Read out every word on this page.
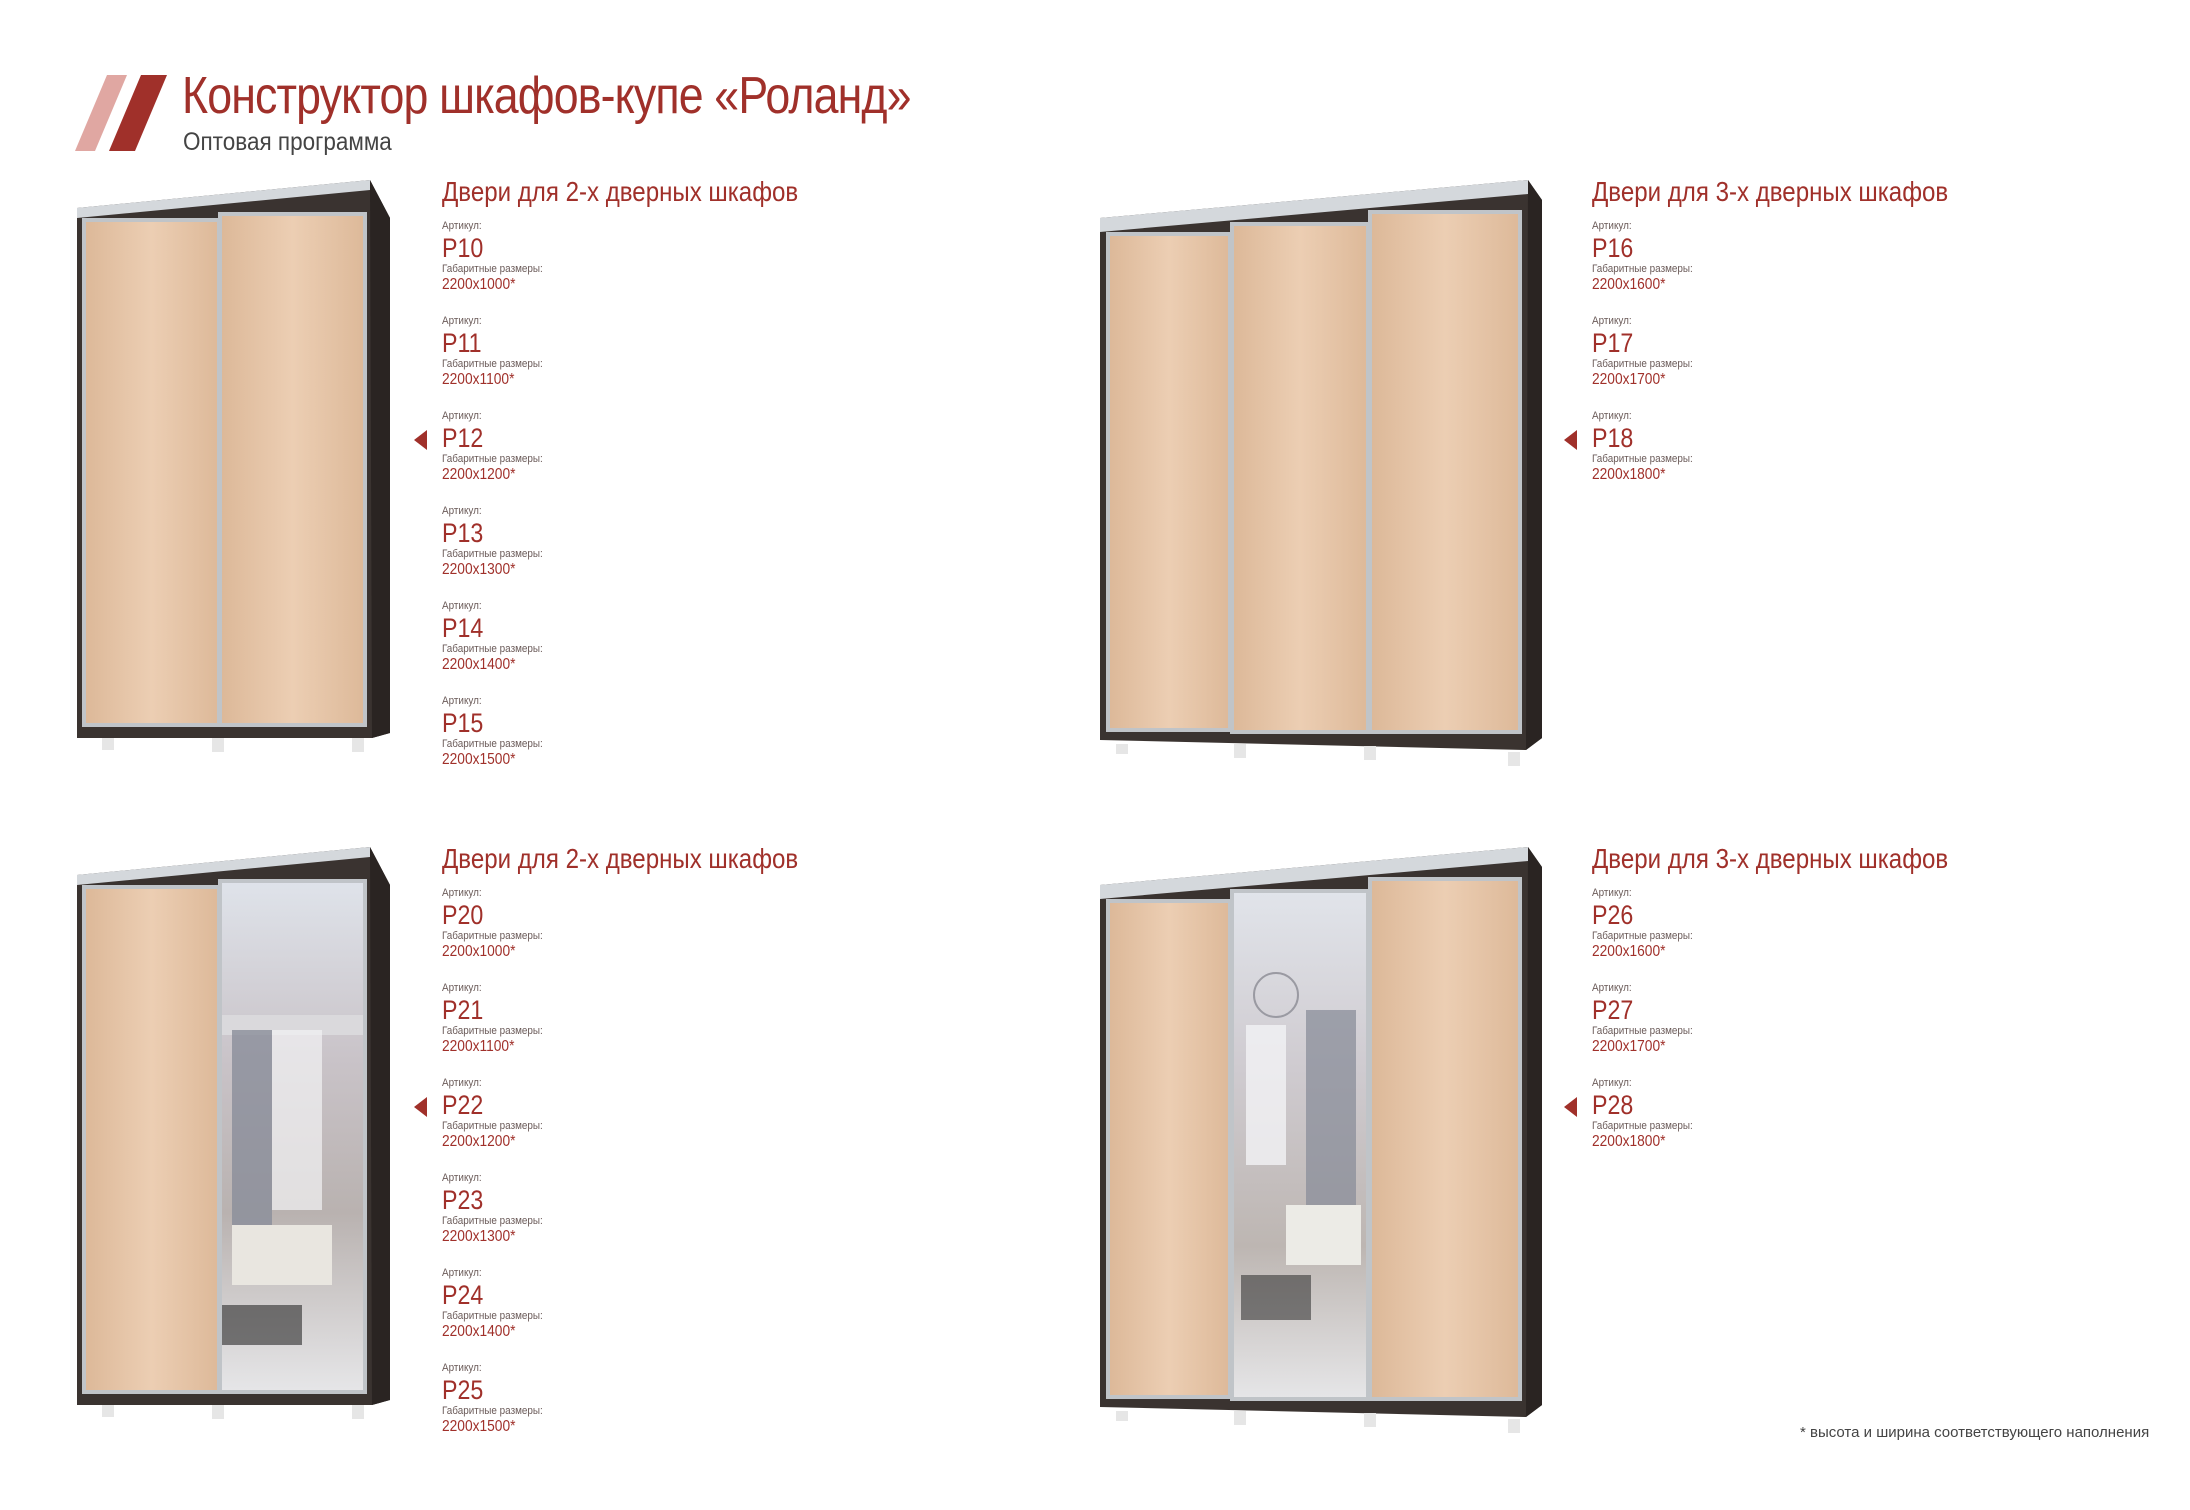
Конструктор шкафов-купе «Роланд»
Оптовая программа
Двери для 2-х дверных шкафов
Артикул:
P10
Габаритные размеры:
2200x1000*
Артикул:
P11
Габаритные размеры:
2200x1100*
Артикул:
P12
Габаритные размеры:
2200x1200*
Артикул:
P13
Габаритные размеры:
2200x1300*
Артикул:
P14
Габаритные размеры:
2200x1400*
Артикул:
P15
Габаритные размеры:
2200x1500*
Двери для 3-х дверных шкафов
Артикул:
P16
Габаритные размеры:
2200x1600*
Артикул:
P17
Габаритные размеры:
2200x1700*
Артикул:
P18
Габаритные размеры:
2200x1800*
Двери для 2-х дверных шкафов
Артикул:
P20
Габаритные размеры:
2200x1000*
Артикул:
P21
Габаритные размеры:
2200x1100*
Артикул:
P22
Габаритные размеры:
2200x1200*
Артикул:
P23
Габаритные размеры:
2200x1300*
Артикул:
P24
Габаритные размеры:
2200x1400*
Артикул:
P25
Габаритные размеры:
2200x1500*
Двери для 3-х дверных шкафов
Артикул:
P26
Габаритные размеры:
2200x1600*
Артикул:
P27
Габаритные размеры:
2200x1700*
Артикул:
P28
Габаритные размеры:
2200x1800*
* высота и ширина соответствующего наполнения
